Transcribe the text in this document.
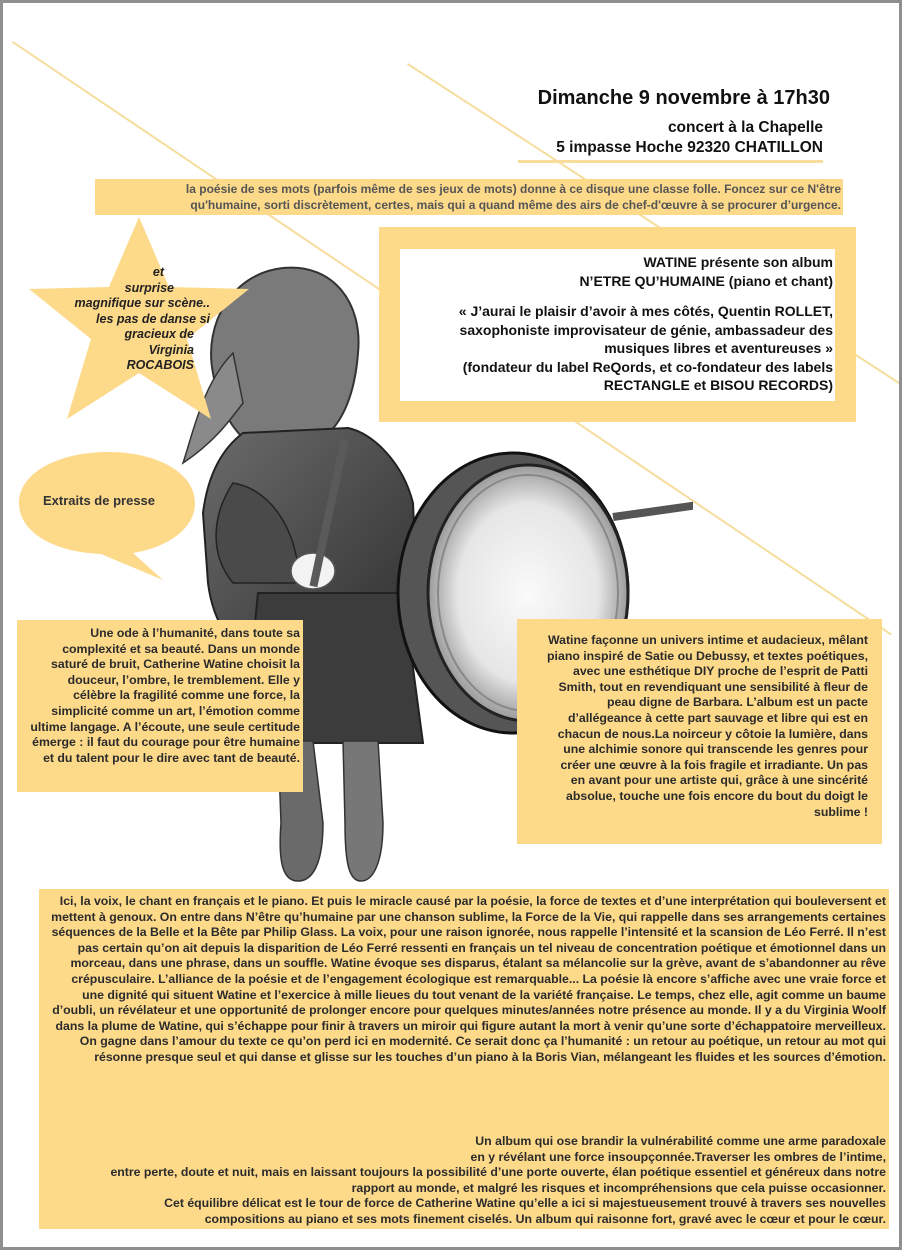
Dimanche 9 novembre à 17h30
concert à la Chapelle
5 impasse Hoche 92320 CHATILLON
la poésie de ses mots (parfois même de ses jeux de mots) donne à ce disque une classe folle. Foncez sur ce N'être qu'humaine, sorti discrètement, certes, mais qui a quand même des airs de chef-d'œuvre à se procurer d’urgence.
et
surprise
magnifique sur scène..
les pas de danse si
gracieux de
Virginia
ROCABOIS
WATINE présente son album
N’ETRE QU’HUMAINE (piano et chant)
« J’aurai le plaisir d’avoir à mes côtés, Quentin ROLLET,
saxophoniste improvisateur de génie, ambassadeur des
musiques libres et aventureuses »
(fondateur du label ReQords, et co-fondateur des labels
RECTANGLE et BISOU RECORDS)
Extraits de presse
Une ode à l’humanité, dans toute sa complexité et sa beauté. Dans un monde saturé de bruit, Catherine Watine choisit la douceur, l’ombre, le tremblement. Elle y célèbre la fragilité comme une force, la simplicité comme un art, l’émotion comme ultime langage. A l’écoute, une seule certitude émerge : il faut du courage pour être humaine et du talent pour le dire avec tant de beauté.
Watine façonne un univers intime et audacieux, mêlant piano inspiré de Satie ou Debussy, et textes poétiques, avec une esthétique DIY proche de l’esprit de Patti Smith, tout en revendiquant une sensibilité à fleur de peau digne de Barbara. L’album est un pacte d’allégeance à cette part sauvage et libre qui est en chacun de nous.La noirceur y côtoie la lumière, dans une alchimie sonore qui transcende les genres pour créer une œuvre à la fois fragile et irradiante. Un pas en avant pour une artiste qui, grâce à une sincérité absolue, touche une fois encore du bout du doigt le sublime !
Ici, la voix, le chant en français et le piano. Et puis le miracle causé par la poésie, la force de textes et d’une interprétation qui bouleversent et mettent à genoux. On entre dans N’être qu’humaine par une chanson sublime, la Force de la Vie, qui rappelle dans ses arrangements certaines séquences de la Belle et la Bête par Philip Glass. La voix, pour une raison ignorée, nous rappelle l’intensité et la scansion de Léo Ferré. Il n’est pas certain qu’on ait depuis la disparition de Léo Ferré ressenti en français un tel niveau de concentration poétique et émotionnel dans un morceau, dans une phrase, dans un souffle. Watine évoque ses disparus, étalant sa mélancolie sur la grève, avant de s’abandonner au rêve crépusculaire. L’alliance de la poésie et de l’engagement écologique est remarquable... La poésie là encore s’affiche avec une vraie force et une dignité qui situent Watine et l’exercice à mille lieues du tout venant de la variété française. Le temps, chez elle, agit comme un baume d’oubli, un révélateur et une opportunité de prolonger encore pour quelques minutes/années notre présence au monde. Il y a du Virginia Woolf dans la plume de Watine, qui s’échappe pour finir à travers un miroir qui figure autant la mort à venir qu’une sorte d’échappatoire merveilleux. On gagne dans l’amour du texte ce qu’on perd ici en modernité. Ce serait donc ça l’humanité : un retour au poétique, un retour au mot qui résonne presque seul et qui danse et glisse sur les touches d’un piano à la Boris Vian, mélangeant les fluides et les sources d’émotion.
Un album qui ose brandir la vulnérabilité comme une arme paradoxale
en y révélant une force insoupçonnée.Traverser les ombres de l’intime,
entre perte, doute et nuit, mais en laissant toujours la possibilité d’une porte ouverte, élan poétique essentiel et généreux dans notre
rapport au monde, et malgré les risques et incompréhensions que cela puisse occasionner.
Cet équilibre délicat est le tour de force de Catherine Watine qu’elle a ici si majestueusement trouvé à travers ses nouvelles
compositions au piano et ses mots finement ciselés. Un album qui raisonne fort, gravé avec le cœur et pour le cœur.
